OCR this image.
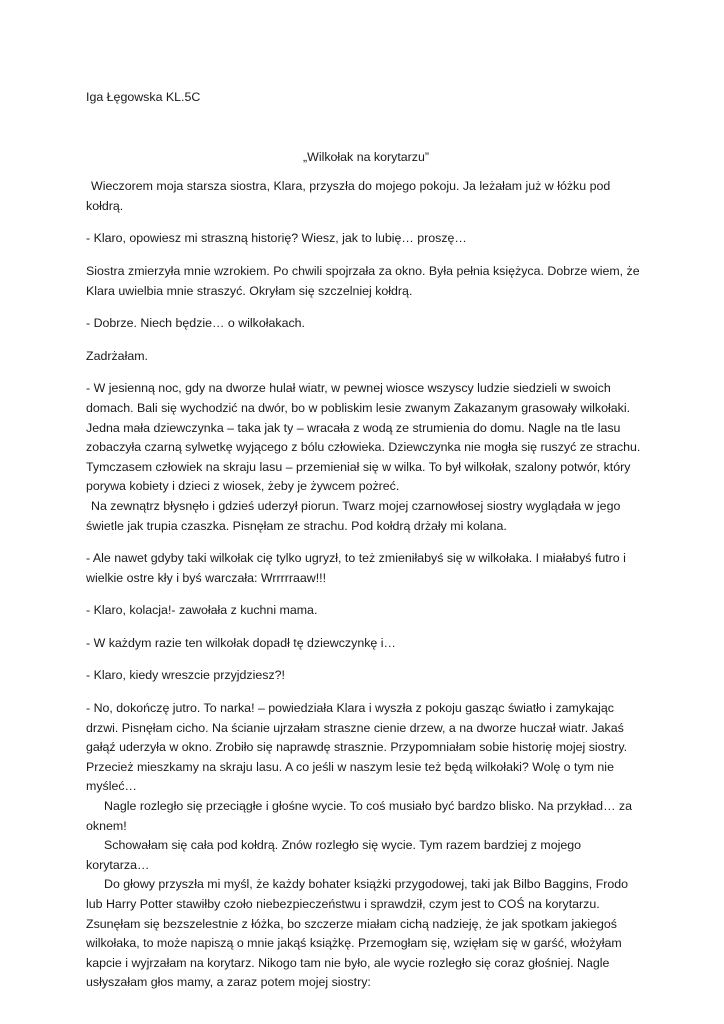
Iga Łęgowska KL.5C

„Wilkołak na korytarzu”

Wieczorem moja starsza siostra, Klara, przyszła do mojego pokoju. Ja leżałam już w łóżku pod kołdrą.

- Klaro, opowiesz mi straszną historię? Wiesz, jak to lubię… proszę…

Siostra zmierzyła mnie wzrokiem. Po chwili spojrzała za okno. Była pełnia księżyca. Dobrze wiem, że Klara uwielbia mnie straszyć. Okryłam się szczelniej kołdrą.

- Dobrze. Niech będzie… o wilkołakach.

Zadrżałam.

- W jesienną noc, gdy na dworze hulał wiatr, w pewnej wiosce wszyscy ludzie siedzieli w swoich domach. Bali się wychodzić na dwór, bo w pobliskim lesie zwanym Zakazanym grasowały wilkołaki. Jedna mała dziewczynka – taka jak ty – wracała z wodą ze strumienia do domu. Nagle na tle lasu zobaczyła czarną sylwetkę wyjącego z bólu człowieka. Dziewczynka nie mogła się ruszyć ze strachu. Tymczasem człowiek na skraju lasu – przemieniał się w wilka. To był wilkołak, szalony potwór, który porywa kobiety i dzieci z wiosek, żeby je żywcem pożreć.

Na zewnątrz błysnęło i gdzieś uderzył piorun. Twarz mojej czarnowłosej siostry wyglądała w jego świetle jak trupia czaszka. Pisnęłam ze strachu. Pod kołdrą drżały mi kolana.

- Ale nawet gdyby taki wilkołak cię tylko ugryzł, to też zmieniłabyś się w wilkołaka. I miałabyś futro i wielkie ostre kły i byś warczała: Wrrrrraaw!!!

- Klaro, kolacja!- zawołała z kuchni mama.

- W każdym razie ten wilkołak dopadł tę dziewczynkę i…

- Klaro, kiedy wreszcie przyjdziesz?!

- No, dokończę jutro. To narka! – powiedziała Klara i wyszła z pokoju gasząc światło i zamykając drzwi. Pisnęłam cicho. Na ścianie ujrzałam straszne cienie drzew, a na dworze huczał wiatr. Jakaś gałąź uderzyła w okno. Zrobiło się naprawdę strasznie. Przypomniałam sobie historię mojej siostry. Przecież mieszkamy na skraju lasu. A co jeśli w naszym lesie też będą wilkołaki? Wolę o tym nie myśleć…

Nagle rozległo się przeciągłe i głośne wycie. To coś musiało być bardzo blisko. Na przykład… za oknem!

Schowałam się cała pod kołdrą. Znów rozległo się wycie. Tym razem bardziej z mojego korytarza…

Do głowy przyszła mi myśl, że każdy bohater książki przygodowej, taki jak Bilbo Baggins, Frodo lub Harry Potter stawiłby czoło niebezpieczeństwu i sprawdził, czym jest to COŚ na korytarzu. Zsunęłam się bezszelestnie z łóżka, bo szczerze miałam cichą nadzieję, że jak spotkam jakiegoś wilkołaka, to może napiszą o mnie jakąś książkę. Przemogłam się, wzięłam się w garść, włożyłam kapcie i wyjrzałam na korytarz. Nikogo tam nie było, ale wycie rozległo się coraz głośniej. Nagle usłyszałam głos mamy, a zaraz potem mojej siostry:
